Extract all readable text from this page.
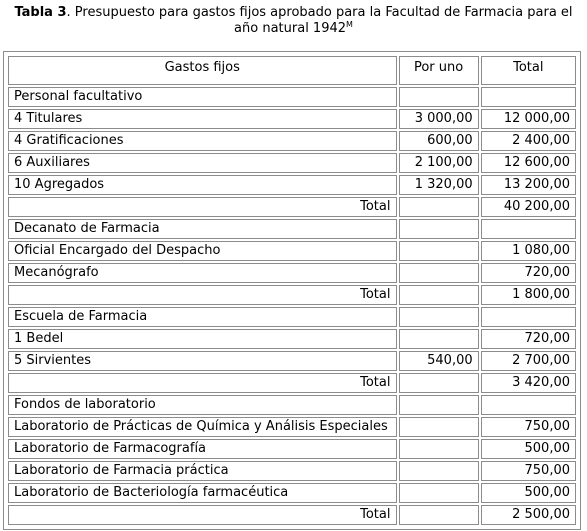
Tabla 3. Presupuesto para gastos fijos aprobado para la Facultad de Farmacia para el año natural $1942^M$
Gastos fijos	Por uno	Total
Personal facultativo		
4 Titulares	3 000,00	12 000,00
4 Gratificaciones	600,00	2 400,00
6 Auxiliares	2 100,00	12 600,00
10 Agregados	1 320,00	13 200,00
Total		40 200,00
Decanato de Farmacia		
Oficial Encargado del Despacho		1 080,00
Mecanógrafo		720,00
Total		1 800,00
Escuela de Farmacia		
1 Bedel		720,00
5 Sirvientes	540,00	2 700,00
Total		3 420,00
Fondos de laboratorio		
Laboratorio de Prácticas de Química y Análisis Especiales		750,00
Laboratorio de Farmacografía		500,00
Laboratorio de Farmacia práctica		750,00
Laboratorio de Bacteriología farmacéutica		500,00
Total		2 500,00
